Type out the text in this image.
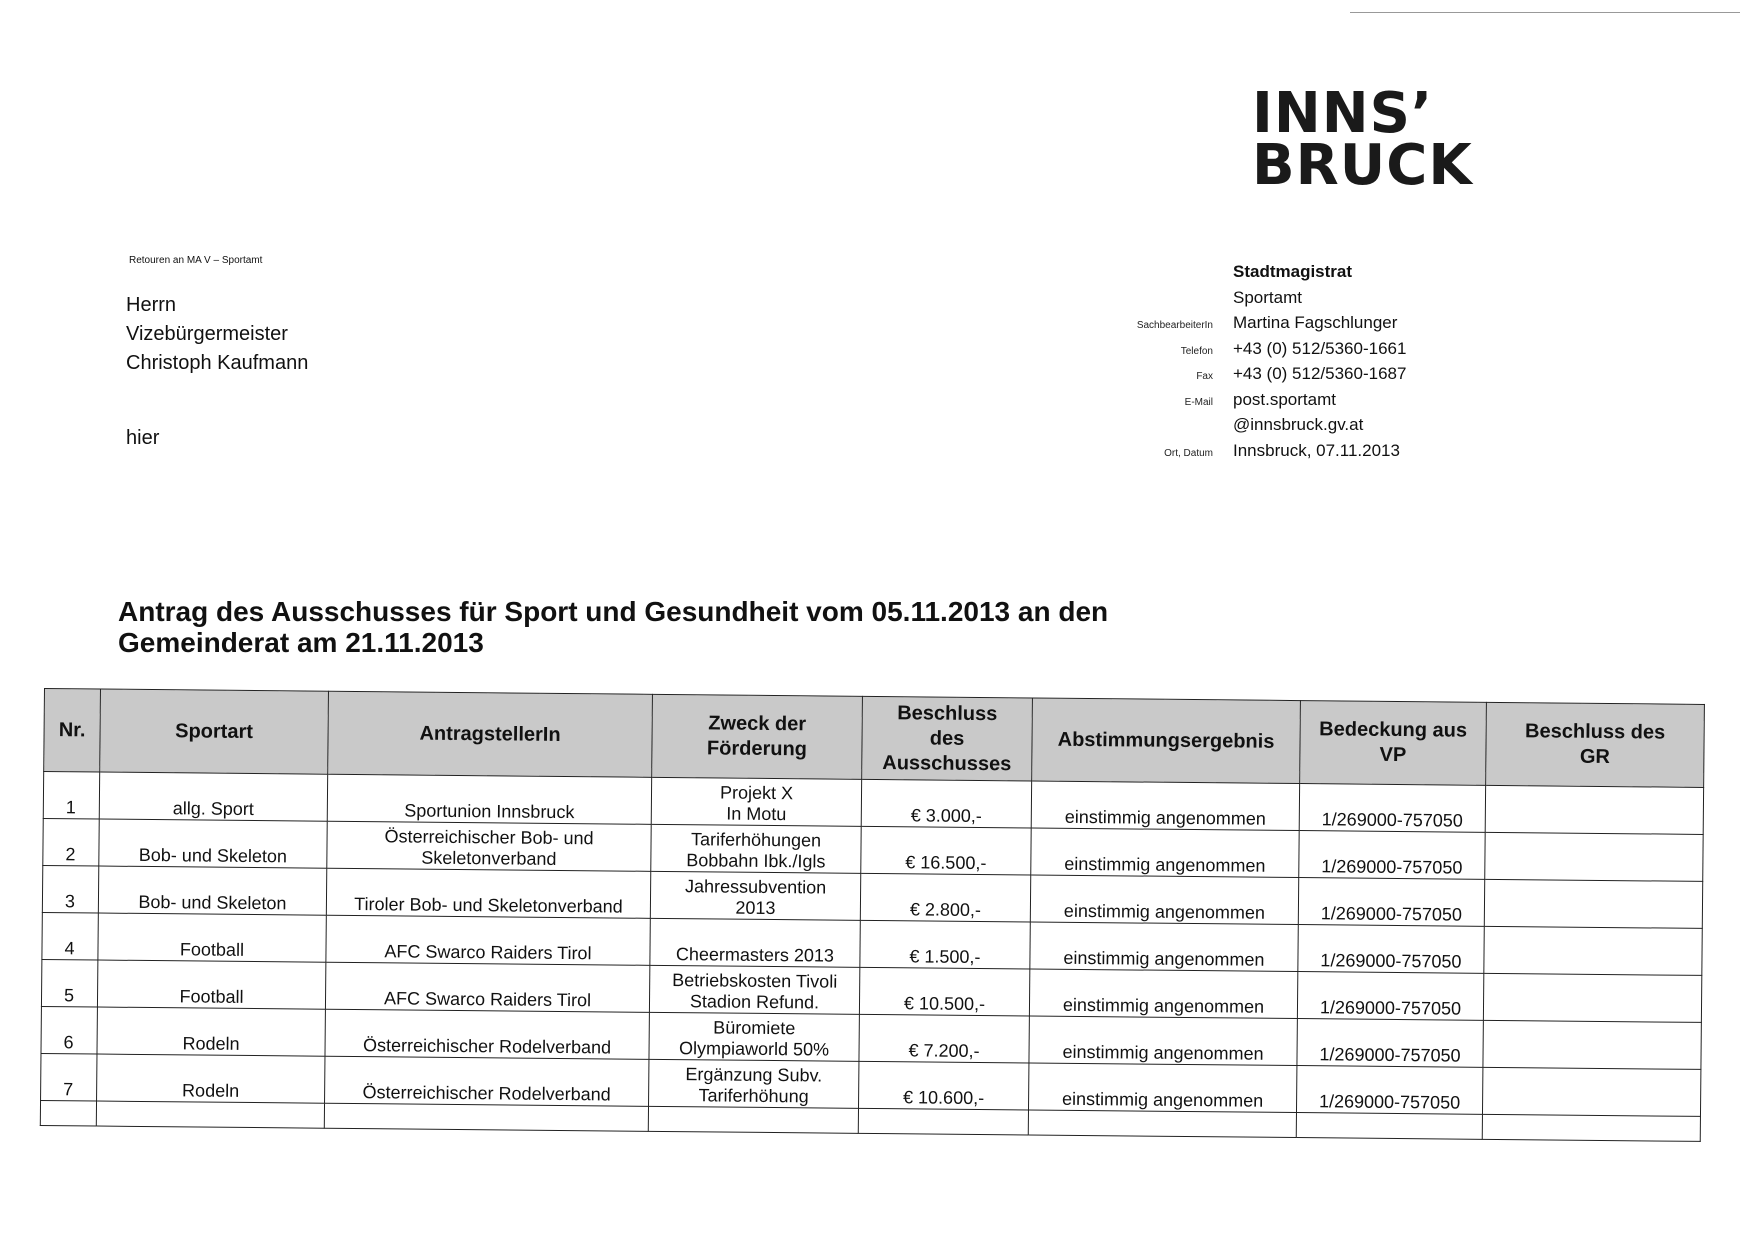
INNS’
BRUCK
Retouren an MA V – Sportamt
Herrn
Vizebürgermeister
Christoph Kaufmann
hier
Stadtmagistrat
Sportamt
SachbearbeiterIn	Martina Fagschlunger
Telefon	+43 (0) 512/5360-1661
Fax	+43 (0) 512/5360-1687
E-Mail	post.sportamt
@innsbruck.gv.at
Ort, Datum	Innsbruck, 07.11.2013
Antrag des Ausschusses für Sport und Gesundheit vom 05.11.2013 an den
Gemeinderat am 21.11.2013
Nr.	Sportart	AntragstellerIn	Zweck der
Förderung	Beschluss
des
Ausschusses	Abstimmungsergebnis	Bedeckung aus
VP	Beschluss des
GR

1	allg. Sport	Sportunion Innsbruck	Projekt X
In Motu	€ 3.000,-	einstimmig angenommen	1/269000-757050	

2	Bob- und Skeleton	Österreichischer Bob- und
Skeletonverband	Tariferhöhungen
Bobbahn Ibk./Igls	€ 16.500,-	einstimmig angenommen	1/269000-757050	

3	Bob- und Skeleton	Tiroler Bob- und Skeletonverband	Jahressubvention
2013	€ 2.800,-	einstimmig angenommen	1/269000-757050	

4	Football	AFC Swarco Raiders Tirol	Cheermasters 2013	€ 1.500,-	einstimmig angenommen	1/269000-757050	

5	Football	AFC Swarco Raiders Tirol	Betriebskosten Tivoli
Stadion Refund.	€ 10.500,-	einstimmig angenommen	1/269000-757050	

6	Rodeln	Österreichischer Rodelverband	Büromiete
Olympiaworld 50%	€ 7.200,-	einstimmig angenommen	1/269000-757050	

7	Rodeln	Österreichischer Rodelverband	Ergänzung Subv.
Tariferhöhung	€ 10.600,-	einstimmig angenommen	1/269000-757050	
